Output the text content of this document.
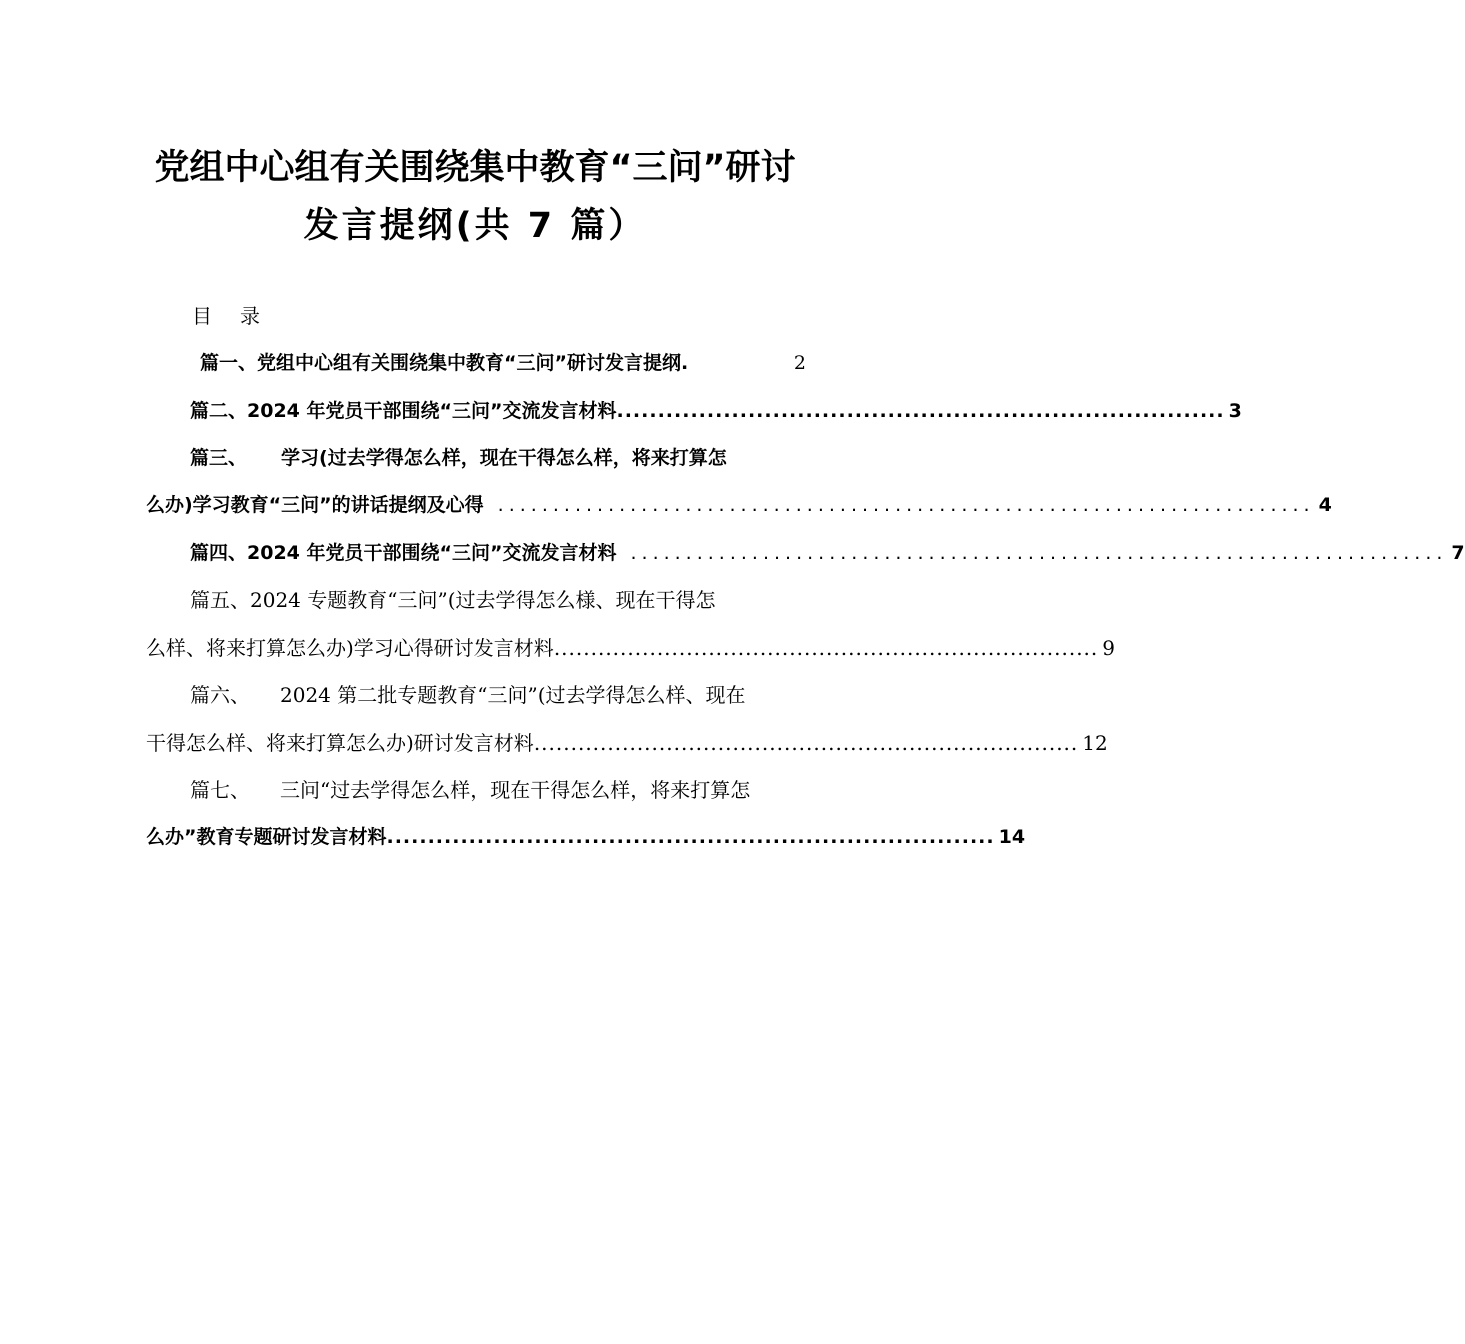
党组中心组有关围绕集中教育“三问”研讨
发言提纲(共 7 篇）
目 录
篇一、党组中心组有关围绕集中教育“三问”研讨发言提纲.	2
篇二、2024 年党员干部围绕“三问”交流发言材料 .......................................................................... 3
篇三、 学习(过去学得怎么样，现在干得怎么样，将来打算怎
么办)学习教育“三问”的讲话提纲及心得 .......................................................................... 4
篇四、2024 年党员干部围绕“三问”交流发言材料 .......................................................................... 7
篇五、2024 专题教育“三问”(过去学得怎么様、现在干得怎
么样、将来打算怎么办)学习心得研讨发言材料 .......................................................................... 9
篇六、 2024 第二批专题教育“三问”(过去学得怎么样、现在
干得怎么样、将来打算怎么办)研讨发言材料 .......................................................................... 12
篇七、 三问“过去学得怎么样，现在干得怎么样，将来打算怎
么办”教育专题研讨发言材料 .......................................................................... 14
